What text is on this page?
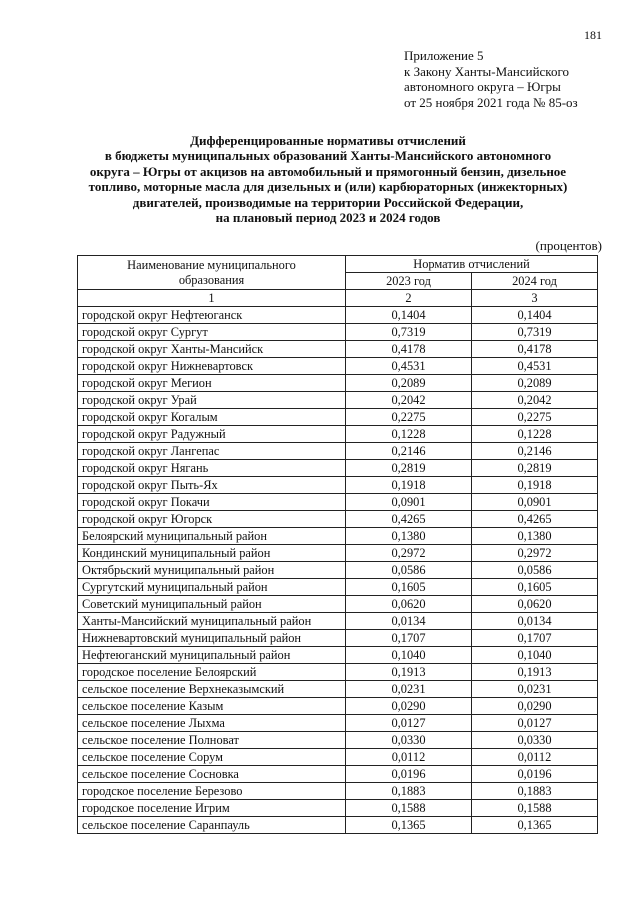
181
Приложение 5
к Закону Ханты-Мансийского
автономного округа – Югры
от 25 ноября 2021 года № 85-оз
Дифференцированные нормативы отчислений
в бюджеты муниципальных образований Ханты-Мансийского автономного
округа – Югры от акцизов на автомобильный и прямогонный бензин, дизельное
топливо, моторные масла для дизельных и (или) карбюраторных (инжекторных)
двигателей, производимые на территории Российской Федерации,
на плановый период 2023 и 2024 годов
(процентов)
Наименование муниципального
образования	Норматив отчислений	
	2023 год	2024 год
1	2	3
городской округ Нефтеюганск	0,1404	0,1404
городской округ Сургут	0,7319	0,7319
городской округ Ханты-Мансийск	0,4178	0,4178
городской округ Нижневартовск	0,4531	0,4531
городской округ Мегион	0,2089	0,2089
городской округ Урай	0,2042	0,2042
городской округ Когалым	0,2275	0,2275
городской округ Радужный	0,1228	0,1228
городской округ Лангепас	0,2146	0,2146
городской округ Нягань	0,2819	0,2819
городской округ Пыть-Ях	0,1918	0,1918
городской округ Покачи	0,0901	0,0901
городской округ Югорск	0,4265	0,4265
Белоярский муниципальный район	0,1380	0,1380
Кондинский муниципальный район	0,2972	0,2972
Октябрьский муниципальный район	0,0586	0,0586
Сургутский муниципальный район	0,1605	0,1605
Советский муниципальный район	0,0620	0,0620
Ханты-Мансийский муниципальный район	0,0134	0,0134
Нижневартовский муниципальный район	0,1707	0,1707
Нефтеюганский муниципальный район	0,1040	0,1040
городское поселение Белоярский	0,1913	0,1913
сельское поселение Верхнеказымский	0,0231	0,0231
сельское поселение Казым	0,0290	0,0290
сельское поселение Лыхма	0,0127	0,0127
сельское поселение Полноват	0,0330	0,0330
сельское поселение Сорум	0,0112	0,0112
сельское поселение Сосновка	0,0196	0,0196
городское поселение Березово	0,1883	0,1883
городское поселение Игрим	0,1588	0,1588
сельское поселение Саранпауль	0,1365	0,1365
